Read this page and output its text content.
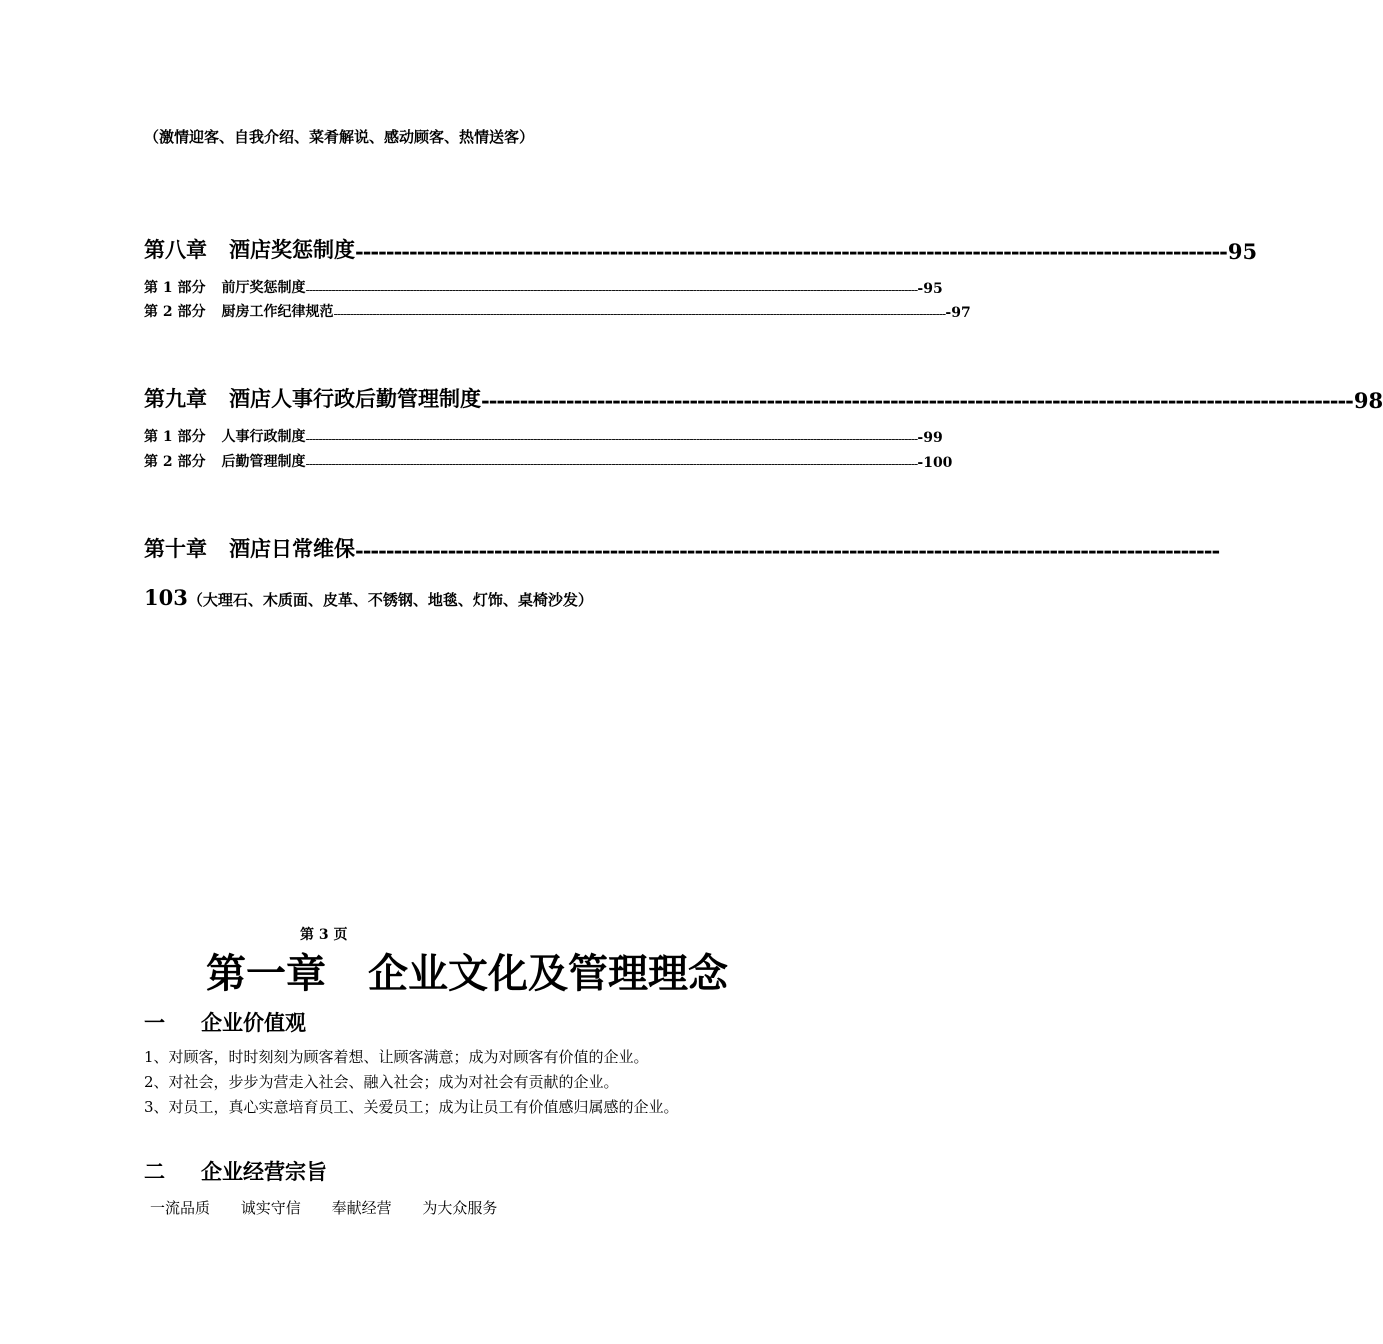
（激情迎客、自我介绍、菜肴解说、感动顾客、热情送客）
第八章 酒店奖惩制度 ---------------------------------------------------------------------------------------------------------------- -95
第 1 部分 前厅奖惩制度 -------------------------------------------------------------------------------------------------------------------------------------------------------------------------------------------- -95
第 2 部分 厨房工作纪律规范 -------------------------------------------------------------------------------------------------------------------------------------------------------------------------------------------- -97
第九章 酒店人事行政后勤管理制度 ---------------------------------------------------------------------------------------------------------------- -98
第 1 部分 人事行政制度 -------------------------------------------------------------------------------------------------------------------------------------------------------------------------------------------- -99
第 2 部分 后勤管理制度 -------------------------------------------------------------------------------------------------------------------------------------------------------------------------------------------- -100
第十章 酒店日常维保 ----------------------------------------------------------------------------------------------------------------
103（大理石、木质面、皮革、不锈钢、地毯、灯饰、桌椅沙发）
第 3 页
第一章 企业文化及管理理念
一 企业价值观
1、对顾客，时时刻刻为顾客着想、让顾客满意；成为对顾客有价值的企业。
2、对社会，步步为营走入社会、融入社会；成为对社会有贡献的企业。
3、对员工，真心实意培育员工、关爱员工；成为让员工有价值感归属感的企业。
二 企业经营宗旨
一流品质 诚实守信 奉献经营 为大众服务
